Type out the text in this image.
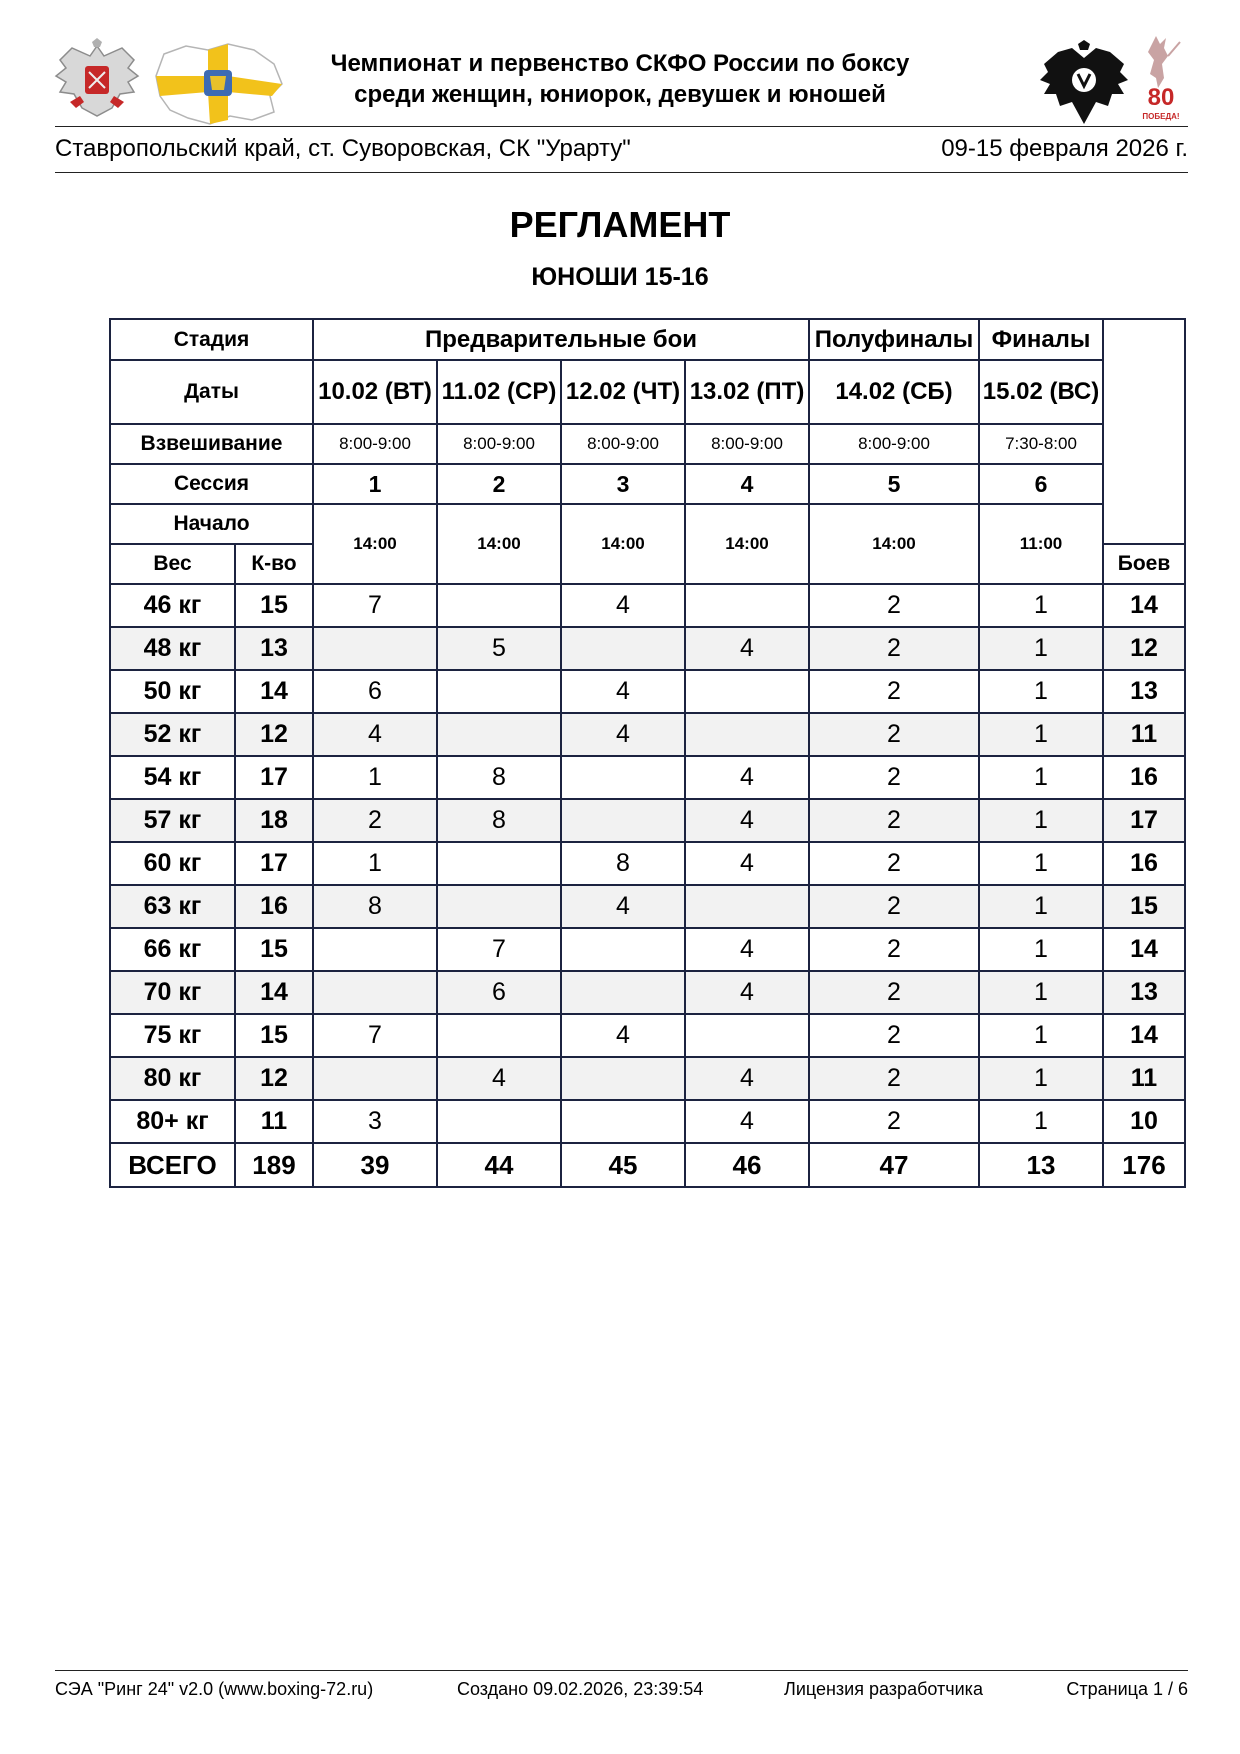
80
ПОБЕДА!
Чемпионат и первенство СКФО России по боксу
среди женщин, юниорок, девушек и юношей
Ставропольский край, ст. Суворовская, СК "Урарту"	09-15 февраля 2026 г.
РЕГЛАМЕНТ
ЮНОШИ 15-16
Стадия		Предварительные бои				Полуфиналы	Финалы	
Даты		10.02 (ВТ)	11.02 (СР)	12.02 (ЧТ)	13.02 (ПТ)	14.02 (СБ)	15.02 (ВС)	
Взвешивание		8:00-9:00	8:00-9:00	8:00-9:00	8:00-9:00	8:00-9:00	7:30-8:00	
Сессия		1	2	3	4	5	6	
Начало		14:00	14:00	14:00	14:00	14:00	11:00	
Вес	К-во							Боев
46 кг	15	7		4		2	1	14
48 кг	13		5		4	2	1	12
50 кг	14	6		4		2	1	13
52 кг	12	4		4		2	1	11
54 кг	17	1	8		4	2	1	16
57 кг	18	2	8		4	2	1	17
60 кг	17	1		8	4	2	1	16
63 кг	16	8		4		2	1	15
66 кг	15		7		4	2	1	14
70 кг	14		6		4	2	1	13
75 кг	15	7		4		2	1	14
80 кг	12		4		4	2	1	11
80+ кг	11	3			4	2	1	10
ВСЕГО	189	39	44	45	46	47	13	176
СЭА "Ринг 24" v2.0 (www.boxing-72.ru)	Создано 09.02.2026, 23:39:54	Лицензия разработчика	Страница 1 / 6
